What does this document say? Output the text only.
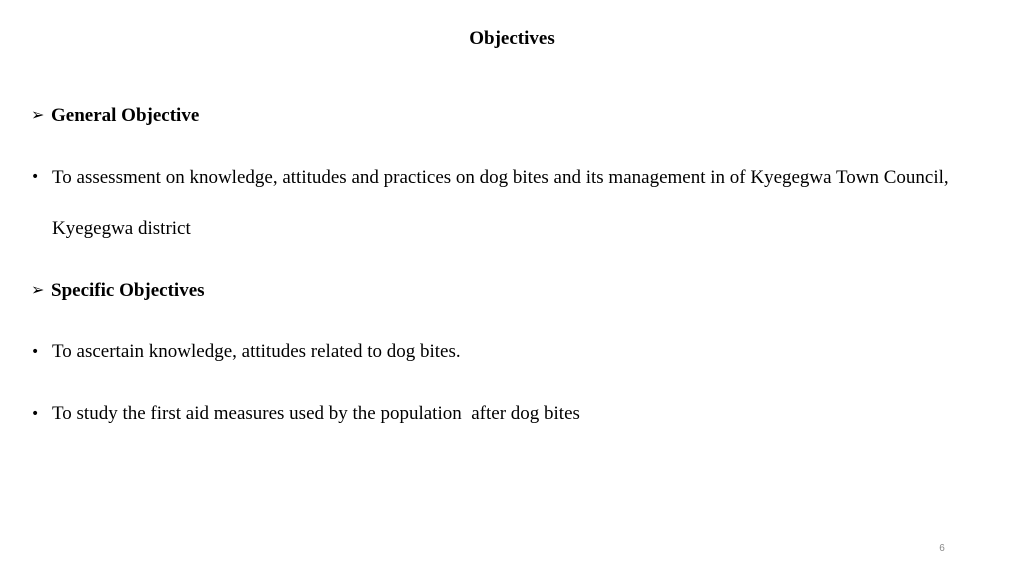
Objectives
➢ General Objective
• To assessment on knowledge, attitudes and practices on dog bites and its management in of Kyegegwa Town Council, Kyegegwa district
➢ Specific Objectives
• To ascertain knowledge, attitudes related to dog bites.
• To study the first aid measures used by the population  after dog bites
6
